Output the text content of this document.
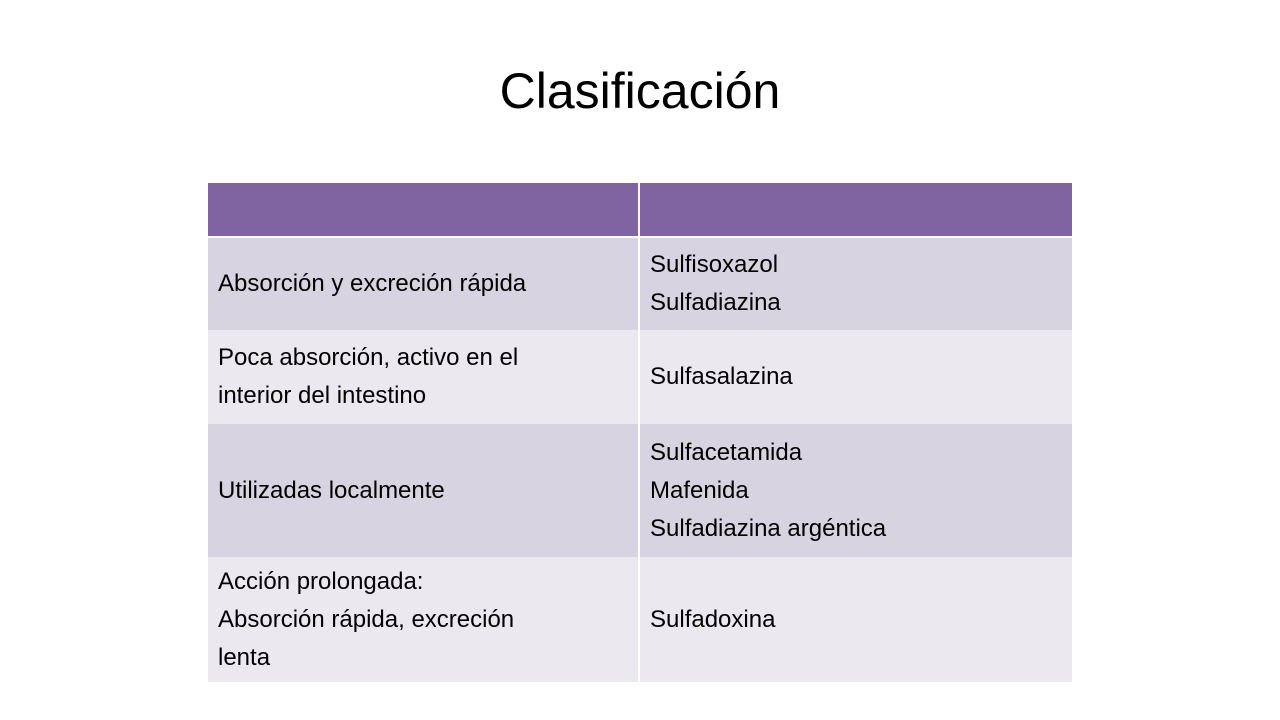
Clasificación

Absorción y excreción rápida	Sulfisoxazol
Sulfadiazina

Poca absorción, activo en el
interior del intestino	Sulfasalazina

Utilizadas localmente	Sulfacetamida
Mafenida
Sulfadiazina argéntica

Acción prolongada:
Absorción rápida, excreción
lenta	Sulfadoxina
